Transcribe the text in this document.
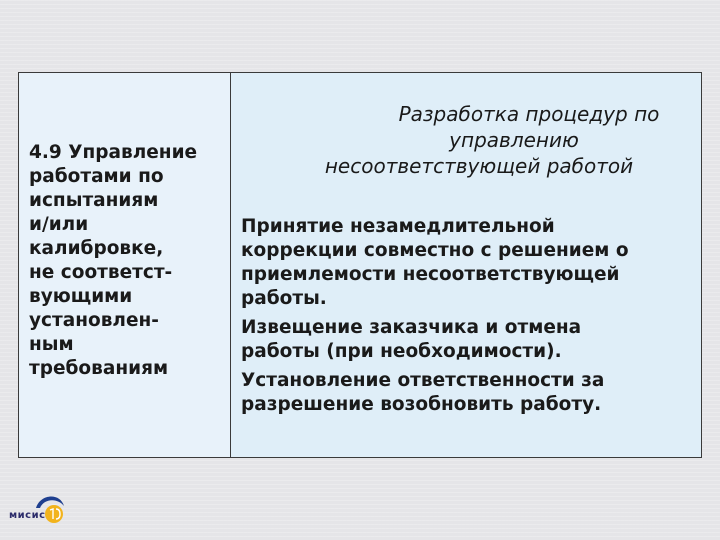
4.9 Управление
работами по
испытаниям
и/или
калибровке,
не соответст-
вующими
установлен-
ным
требованиям
Разработка процедур по
управлению
несоответствующей работой
Принятие незамедлительной
коррекции совместно с решением о
приемлемости несоответствующей
работы.
Извещение заказчика и отмена
работы (при необходимости).
Установление ответственности за
разрешение возобновить работу.
мисис
